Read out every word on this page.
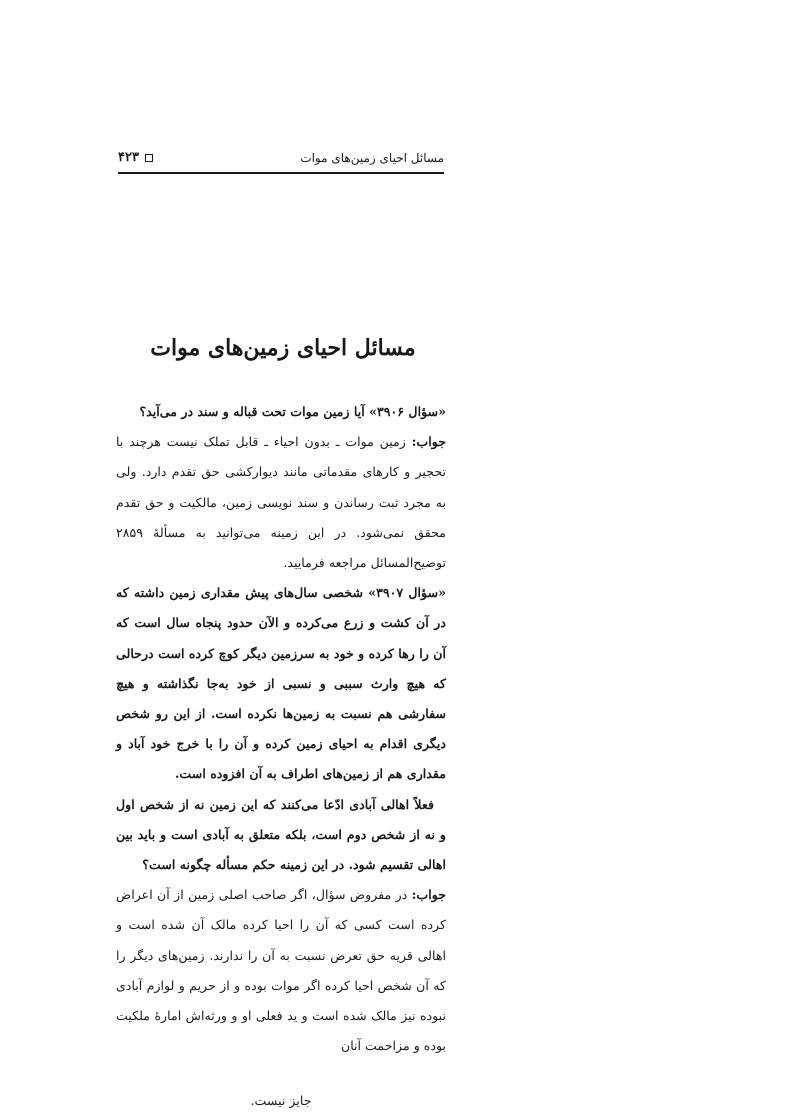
مسائل احیای زمین‌های موات
۴۲۳
مسائل احیای زمین‌های موات

«سؤال ۳۹۰۶» آیا زمین موات تحت قباله و سند در می‌آید؟

جواب: زمین موات ـ بدون احیاء ـ قابل تملک نیست هرچند با تحجیر و کارهای مقدماتی مانند دیوارکشی حق تقدم دارد. ولی به مجرد ثبت رساندن و سند نویسی زمین، مالکیت و حق تقدم محقق نمی‌شود. در این زمینه می‌توانید به مسألهٔ ۲۸۵۹ توضیح‌المسائل مراجعه فرمایید.

«سؤال ۳۹۰۷» شخصی سال‌های پیش مقداری زمین داشته که در آن کشت و زرع می‌کرده و الآن حدود پنجاه سال است که آن را رها کرده و خود به سرزمین دیگر کوچ کرده است درحالی که هیچ وارث سببی و نسبی از خود به‌جا نگذاشته و هیچ سفارشی هم نسبت به زمین‌ها نکرده است. از این رو شخص دیگری اقدام به احیای زمین کرده و آن را با خرج خود آباد و مقداری هم از زمین‌های اطراف به آن افزوده است.

فعلاً اهالی آبادی ادّعا می‌کنند که این زمین نه از شخص اول و نه از شخص دوم است، بلکه متعلق به آبادی است و باید بین اهالی تقسیم شود. در این زمینه حکم مسأله چگونه است؟

جواب: در مفروض سؤال، اگر صاحب اصلی زمین از آن اعراض کرده است کسی که آن را احیا کرده مالک آن شده است و اهالی قریه حق تعرض نسبت به آن را ندارند. زمین‌های دیگر را که آن شخص احیا کرده اگر موات بوده و از حریم و لوازم آبادی نبوده نیز مالک شده است و ید فعلی او و ورثه‌اش امارهٔ ملکیت بوده و مزاحمت آنان

جایز نیست.
